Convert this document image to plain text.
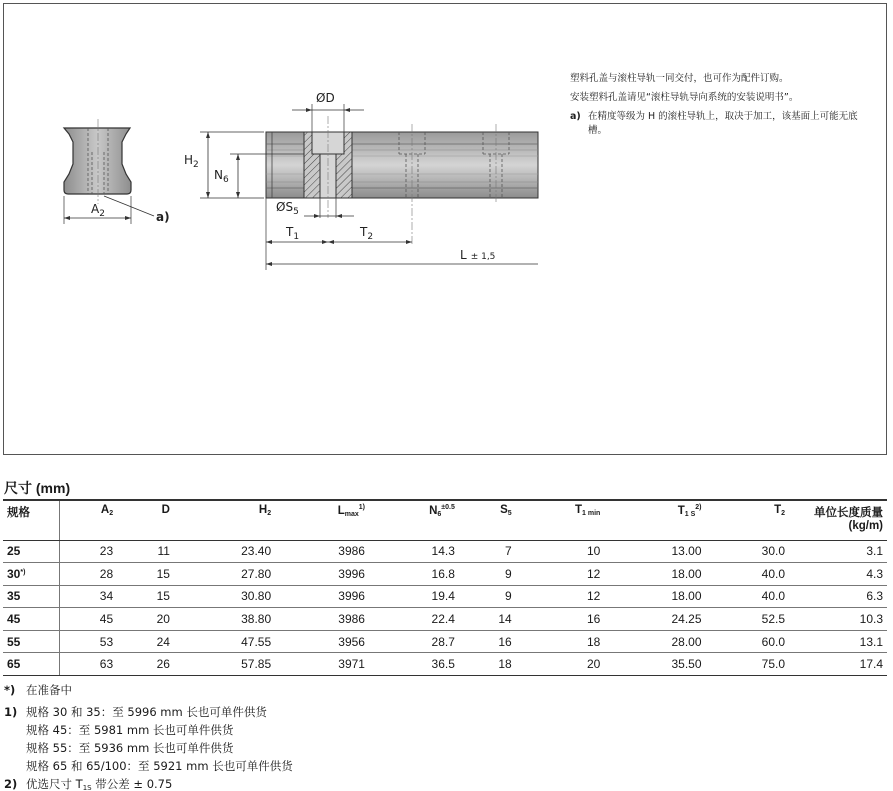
ØD
$H_2$
$N_6$
$A_2$	a)
$ØS_5$
$T_1$	$T_2$
L ± 1,5

塑料孔盖与滚柱导轨一同交付，也可作为配件订购。

安装塑料孔盖请见“滚柱导轨导向系统的安装说明书”。

a) 在精度等级为 H 的滚柱导轨上，取决于加工，该基面上可能无底槽。
尺寸 (mm)
规格	$A_2$	D	$H_2$	$L_{max}^{1)}$	$N_6^{\pm 0.5}$	$S_5$	$T_{1 min}$	$T_{1 S}^{2)}$	$T_2$	单位长度质量
(kg/m)

25	23	11	23.40	3986	14.3	7	10	13.00	30.0	3.1
30*)	28	15	27.80	3996	16.8	9	12	18.00	40.0	4.3
35	34	15	30.80	3996	19.4	9	12	18.00	40.0	6.3
45	45	20	38.80	3986	22.4	14	16	24.25	52.5	10.3
55	53	24	47.55	3956	28.7	16	18	28.00	60.0	13.1
65	63	26	57.85	3971	36.5	18	20	35.50	75.0	17.4
*) 在准备中
1) 规格 30 和 35：至 5996 mm 长也可单件供货
规格 45：至 5981 mm 长也可单件供货
规格 55：至 5936 mm 长也可单件供货
规格 65 和 65/100：至 5921 mm 长也可单件供货
2) 优选尺寸 $T_{1S}$ 带公差 ± 0.75
